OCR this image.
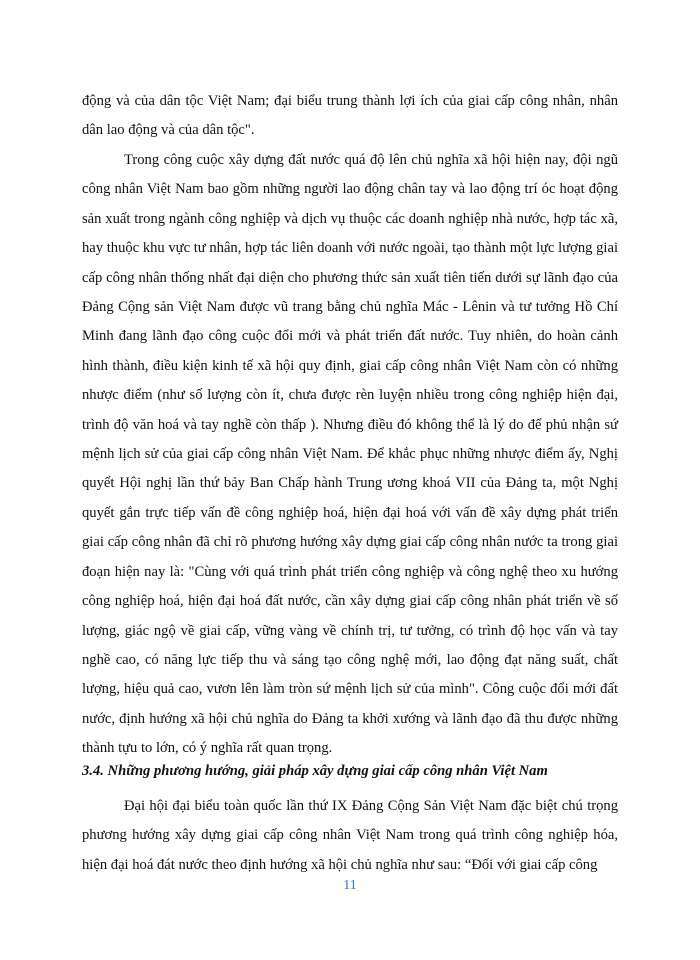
động và của dân tộc Việt Nam; đại biểu trung thành lợi ích của giai cấp công nhân, nhân dân lao động và của dân tộc".

Trong công cuộc xây dựng đất nước quá độ lên chủ nghĩa xã hội hiện nay, đội ngũ công nhân Việt Nam bao gồm những người lao động chân tay và lao động trí óc hoạt động sản xuất trong ngành công nghiệp và dịch vụ thuộc các doanh nghiệp nhà nước, hợp tác xã, hay thuộc khu vực tư nhân, hợp tác liên doanh với nước ngoài, tạo thành một lực lượng giai cấp công nhân thống nhất đại diện cho phương thức sản xuất tiên tiến dưới sự lãnh đạo của Đảng Cộng sản Việt Nam được vũ trang bằng chủ nghĩa Mác - Lênin và tư tưởng Hồ Chí Minh đang lãnh đạo công cuộc đổi mới và phát triển đất nước. Tuy nhiên, do hoàn cảnh hình thành, điều kiện kinh tế xã hội quy định, giai cấp công nhân Việt Nam còn có những nhược điểm (như số lượng còn ít, chưa được rèn luyện nhiều trong công nghiệp hiện đại, trình độ văn hoá và tay nghề còn thấp ). Nhưng điều đó không thể là lý do để phủ nhận sứ mệnh lịch sử của giai cấp công nhân Việt Nam. Để khắc phục những nhược điểm ấy, Nghị quyết Hội nghị lần thứ bảy Ban Chấp hành Trung ương khoá VII của Đảng ta, một Nghị quyết gắn trực tiếp vấn đề công nghiệp hoá, hiện đại hoá với vấn đề xây dựng phát triển giai cấp công nhân đã chỉ rõ phương hướng xây dựng giai cấp công nhân nước ta trong giai đoạn hiện nay là: "Cùng với quá trình phát triển công nghiệp và công nghệ theo xu hướng công nghiệp hoá, hiện đại hoá đất nước, cần xây dựng giai cấp công nhân phát triển về số lượng, giác ngộ về giai cấp, vững vàng về chính trị, tư tưởng, có trình độ học vấn và tay nghề cao, có năng lực tiếp thu và sáng tạo công nghệ mới, lao động đạt năng suất, chất lượng, hiệu quả cao, vươn lên làm tròn sứ mệnh lịch sử của mình". Công cuộc đổi mới đất nước, định hướng xã hội chủ nghĩa do Đảng ta khởi xướng và lãnh đạo đã thu được những thành tựu to lớn, có ý nghĩa rất quan trọng.

3.4. Những phương hướng, giải pháp xây dựng giai cấp công nhân Việt Nam

Đại hội đại biểu toàn quốc lần thứ IX Đảng Cộng Sản Việt Nam đặc biệt chú trọng phương hướng xây dựng giai cấp công nhân Việt Nam trong quá trình công nghiệp hóa, hiện đại hoá đát nước theo định hướng xã hội chủ nghĩa như sau: “Đối với giai cấp công

11
